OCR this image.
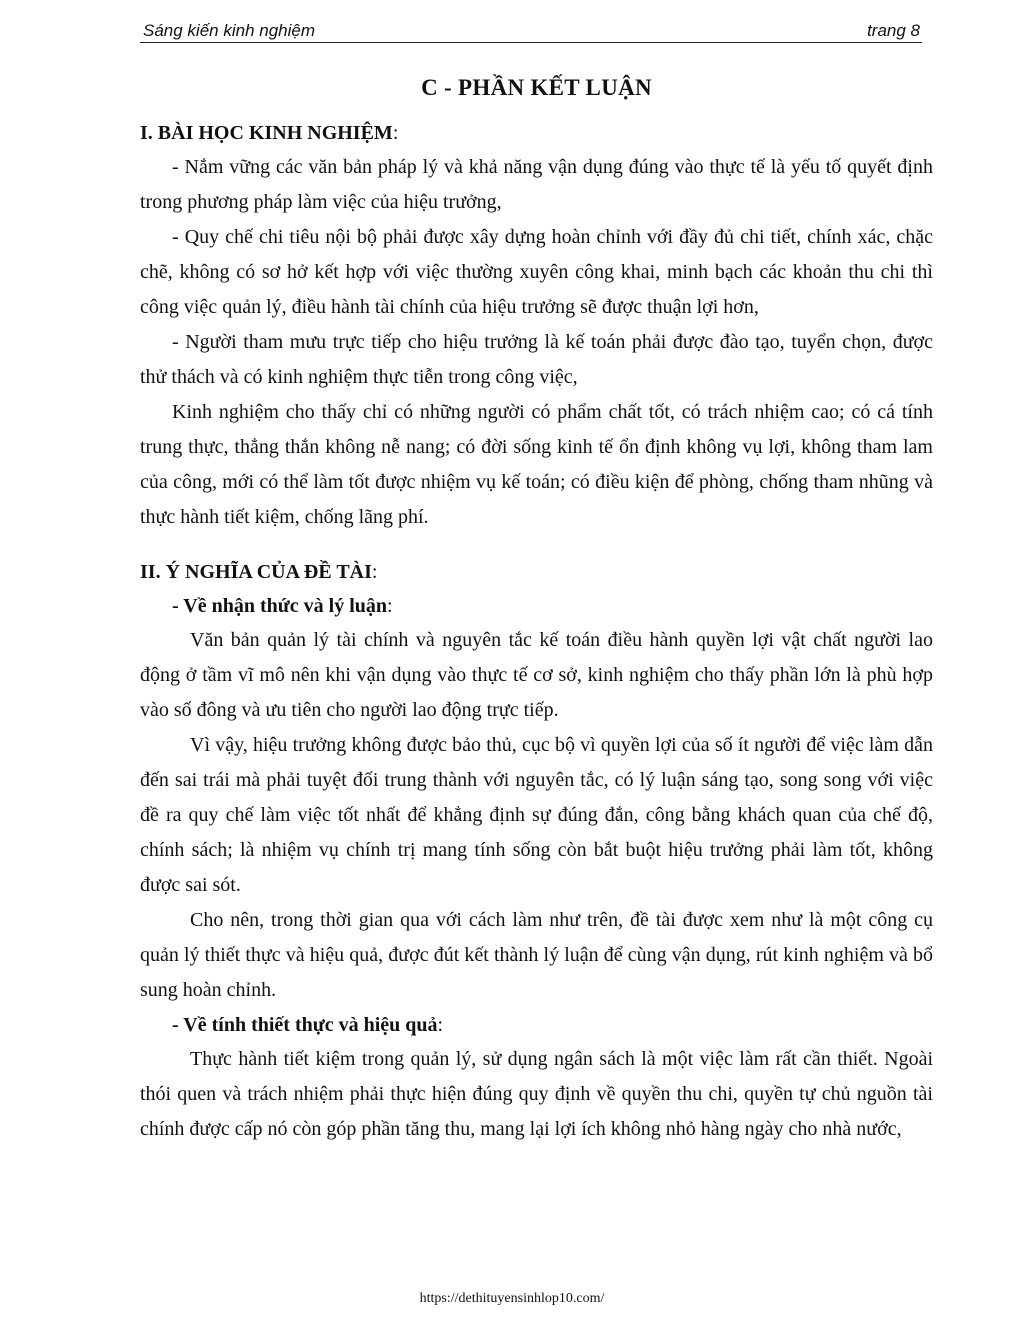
Sáng kiến kinh nghiệm	trang 8
C - PHẦN KẾT LUẬN
I. BÀI HỌC KINH NGHIỆM:

- Nắm vững các văn bản pháp lý và khả năng vận dụng đúng vào thực tế là yếu tố quyết định trong phương pháp làm việc của hiệu trưởng,

- Quy chế chi tiêu nội bộ phải được xây dựng hoàn chỉnh với đầy đủ chi tiết, chính xác, chặc chẽ, không có sơ hở kết hợp với việc thường xuyên công khai, minh bạch các khoản thu chi thì công việc quản lý, điều hành tài chính của hiệu trưởng sẽ được thuận lợi hơn,

- Người tham mưu trực tiếp cho hiệu trưởng là kế toán phải được đào tạo, tuyển chọn, được thử thách và có kinh nghiệm thực tiễn trong công việc,

Kinh nghiệm cho thấy chỉ có những người có phẩm chất tốt, có trách nhiệm cao; có cá tính trung thực, thẳng thắn không nễ nang; có đời sống kinh tế ổn định không vụ lợi, không tham lam của công, mới có thể làm tốt được nhiệm vụ kế toán; có điều kiện để phòng, chống tham nhũng và thực hành tiết kiệm, chống lãng phí.

II. Ý NGHĨA CỦA ĐỀ TÀI:
- Về nhận thức và lý luận:

Văn bản quản lý tài chính và nguyên tắc kế toán điều hành quyền lợi vật chất người lao động ở tầm vĩ mô nên khi vận dụng vào thực tế cơ sở, kinh nghiệm cho thấy phần lớn là phù hợp vào số đông và ưu tiên cho người lao động trực tiếp.

Vì vậy, hiệu trưởng không được bảo thủ, cục bộ vì quyền lợi của số ít người để việc làm dẫn đến sai trái mà phải tuyệt đối trung thành với nguyên tắc, có lý luận sáng tạo, song song với việc đề ra quy chế làm việc tốt nhất để khẳng định sự đúng đắn, công bằng khách quan của chế độ, chính sách; là nhiệm vụ chính trị mang tính sống còn bắt buột hiệu trưởng phải làm tốt, không được sai sót.

Cho nên, trong thời gian qua với cách làm như trên, đề tài được xem như là một công cụ quản lý thiết thực và hiệu quả, được đút kết thành lý luận để cùng vận dụng, rút kinh nghiệm và bổ sung hoàn chỉnh.

- Về tính thiết thực và hiệu quả:

Thực hành tiết kiệm trong quản lý, sử dụng ngân sách là một việc làm rất cần thiết. Ngoài thói quen và trách nhiệm phải thực hiện đúng quy định về quyền thu chi, quyền tự chủ nguồn tài chính được cấp nó còn góp phần tăng thu, mang lại lợi ích không nhỏ hàng ngày cho nhà nước,

https://dethituyensinhlop10.com/
